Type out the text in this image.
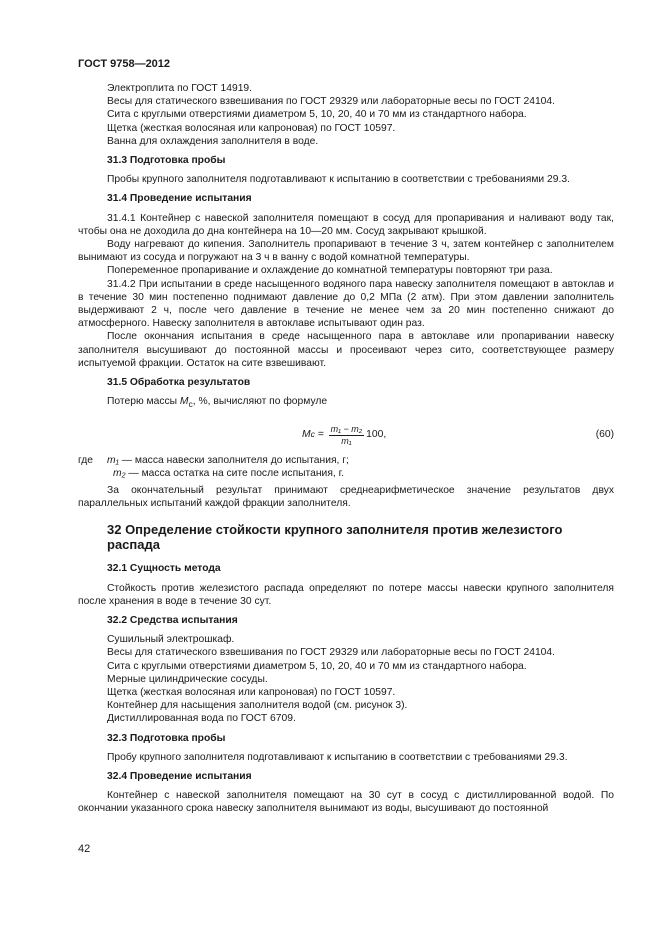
ГОСТ 9758—2012

Электроплита по ГОСТ 14919.

Весы для статического взвешивания по ГОСТ 29329 или лабораторные весы по ГОСТ 24104.

Сита с круглыми отверстиями диаметром 5, 10, 20, 40 и 70 мм из стандартного набора.

Щетка (жесткая волосяная или капроновая) по ГОСТ 10597.

Ванна для охлаждения заполнителя в воде.

31.3 Подготовка пробы

Пробы крупного заполнителя подготавливают к испытанию в соответствии с требованиями 29.3.

31.4 Проведение испытания

31.4.1 Контейнер с навеской заполнителя помещают в сосуд для пропаривания и наливают воду так, чтобы она не доходила до дна контейнера на 10—20 мм. Сосуд закрывают крышкой.

Воду нагревают до кипения. Заполнитель пропаривают в течение 3 ч, затем контейнер с заполнителем вынимают из сосуда и погружают на 3 ч в ванну с водой комнатной температуры.

Попеременное пропаривание и охлаждение до комнатной температуры повторяют три раза.

31.4.2 При испытании в среде насыщенного водяного пара навеску заполнителя помещают в автоклав и в течение 30 мин постепенно поднимают давление до 0,2 МПа (2 атм). При этом давлении заполнитель выдерживают 2 ч, после чего давление в течение не менее чем за 20 мин постепенно снижают до атмосферного. Навеску заполнителя в автоклаве испытывают один раз.

После окончания испытания в среде насыщенного пара в автоклаве или пропаривании навеску заполнителя высушивают до постоянной массы и просеивают через сито, соответствующее размеру испытуемой фракции. Остаток на сите взвешивают.

31.5 Обработка результатов

Потерю массы $M_c$, %, вычисляют по формуле

M $c = \frac{\text{m₁ − m₂}}{\text{m₁}} 100$,	(60)
где	m₁ — масса навески заполнителя до испытания, г;
m₂ — масса остатка на сите после испытания, г.

За окончательный результат принимают среднеарифметическое значение результатов двух параллельных испытаний каждой фракции заполнителя.

32 Определение стойкости крупного заполнителя против железистого распада
32.1 Сущность метода

Стойкость против железистого распада определяют по потере массы навески крупного заполнителя после хранения в воде в течение 30 сут.

32.2 Средства испытания

Сушильный электрошкаф.

Весы для статического взвешивания по ГОСТ 29329 или лабораторные весы по ГОСТ 24104.

Сита с круглыми отверстиями диаметром 5, 10, 20, 40 и 70 мм из стандартного набора.

Мерные цилиндрические сосуды.

Щетка (жесткая волосяная или капроновая) по ГОСТ 10597.

Контейнер для насыщения заполнителя водой (см. рисунок 3).

Дистиллированная вода по ГОСТ 6709.

32.3 Подготовка пробы

Пробу крупного заполнителя подготавливают к испытанию в соответствии с требованиями 29.3.

32.4 Проведение испытания

Контейнер с навеской заполнителя помещают на 30 сут в сосуд с дистиллированной водой. По окончании указанного срока навеску заполнителя вынимают из воды, высушивают до постоянной

42
